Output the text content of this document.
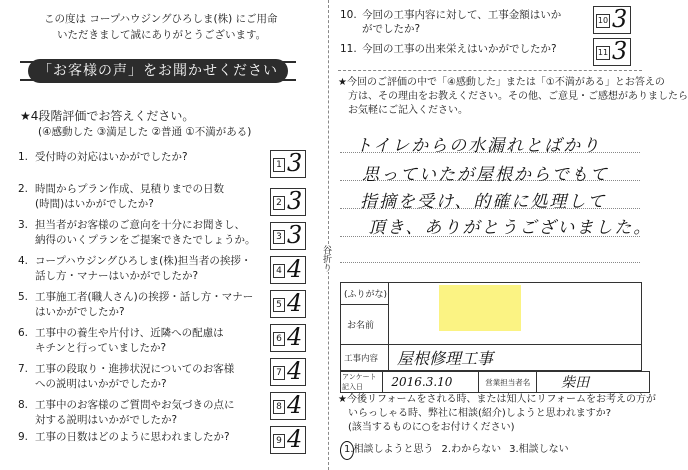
この度は コープハウジングひろしま(株) にご用命
いただきまして誠にありがとうございます。
「お客様の声」をお聞かせください
★4段階評価でお答えください。
(④感動した ③満足した ②普通 ①不満がある)
1. 受付時の対応はいかがでしたか?
1 3
2. 時間からプラン作成、見積りまでの日数
(時間)はいかがでしたか?	2 3
3. 担当者がお客様のご意向を十分にお聞きし、
納得のいくプランをご提案できたでしょうか。	3 3
4. コープハウジングひろしま(株)担当者の挨拶・
話し方・マナーはいかがでしたか?	4 4
5. 工事施工者(職人さん)の挨拶・話し方・マナー
はいかがでしたか?
5 4
6. 工事中の養生や片付け、近隣への配慮は
キチンと行っていましたか?
6 4
7. 工事の段取り・進捗状況についてのお客様
への説明はいかがでしたか?
7 4
8. 工事中のお客様のご質問やお気づきの点に
対する説明はいかがでしたか?
8 4
9. 工事の日数はどのように思われましたか?	9 4
谷折り
10. 今回の工事内容に対して、工事金額はいか
がでしたか?
10 3
11. 今回の工事の出来栄えはいかがでしたか?	11 3
★今回のご評価の中で「④感動した」または「①不満がある」とお答えの
方は、その理由をお教えください。その他、ご意見・ご感想がありましたら
お気軽にご記入ください。
トイレからの水漏れとばかり
思っていたが屋根からでもて
指摘を受け、的確に処理して
頂き、ありがとうございました。
(ふりがな)	

お名前	
工事内容	屋根修理工事
アンケート記入日	2016.3.10	営業担当者名	柴田
★今後リフォームをされる時、または知人にリフォームをお考えの方が
いらっしゃる時、弊社に相談(紹介)しようと思われますか?
(該当するものに○をお付けください)
1.相談しようと思う 2.わからない 3.相談しない
